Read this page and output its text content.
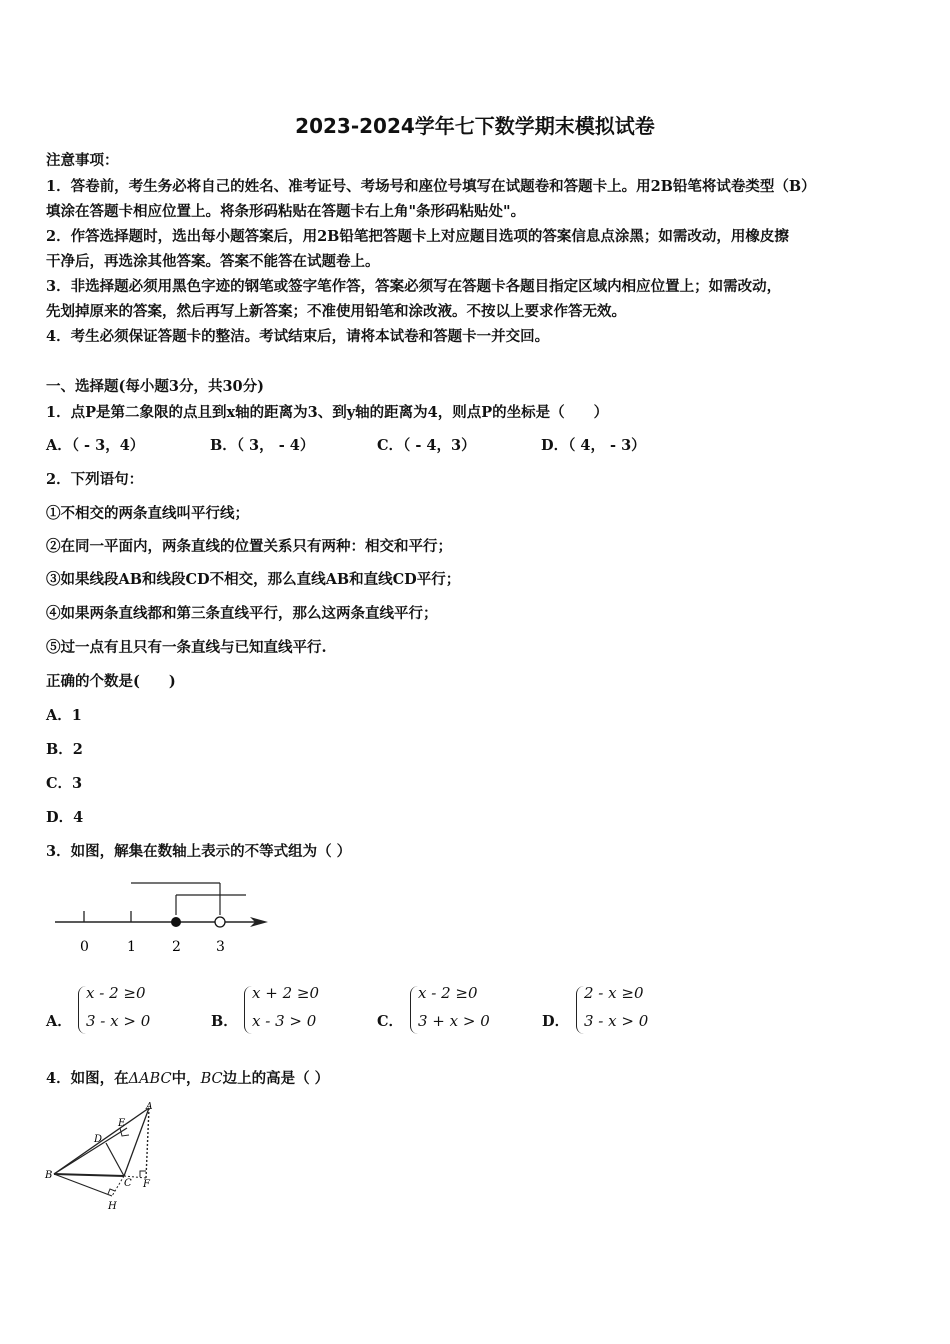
2023-2024学年七下数学期末模拟试卷
注意事项：
1．答卷前，考生务必将自己的姓名、准考证号、考场号和座位号填写在试题卷和答题卡上。用2B铅笔将试卷类型（B）
填涂在答题卡相应位置上。将条形码粘贴在答题卡右上角"条形码粘贴处"。
2．作答选择题时，选出每小题答案后，用2B铅笔把答题卡上对应题目选项的答案信息点涂黑；如需改动，用橡皮擦
干净后，再选涂其他答案。答案不能答在试题卷上。
3．非选择题必须用黑色字迹的钢笔或签字笔作答，答案必须写在答题卡各题目指定区域内相应位置上；如需改动，
先划掉原来的答案，然后再写上新答案；不准使用铅笔和涂改液。不按以上要求作答无效。
4．考生必须保证答题卡的整洁。考试结束后，请将本试卷和答题卡一并交回。
一、选择题(每小题3分，共30分)
1．点P是第二象限的点且到x轴的距离为3、到y轴的距离为4，则点P的坐标是（　　）
A．（ - 3，4）	B．（ 3， - 4）	C．（ - 4，3）	D．（ 4， - 3）
2．下列语句：
①不相交的两条直线叫平行线；
②在同一平面内，两条直线的位置关系只有两种：相交和平行；
③如果线段AB和线段CD不相交，那么直线AB和直线CD平行；
④如果两条直线都和第三条直线平行，那么这两条直线平行；
⑤过一点有且只有一条直线与已知直线平行.
正确的个数是(　　)
A．1
B．2
C．3
D．4
3．如图，解集在数轴上表示的不等式组为（ ）
0	1	2	3
A．
x - 2 ≥0
3 - x > 0	B．
x + 2 ≥0
x - 3 > 0	C．
x - 2 ≥0
3 + x > 0	D．
2 - x ≥0
3 - x > 0
4．如图，在ΔABC中，BC边上的高是（ ）
A
B
C
D
E
F
H
